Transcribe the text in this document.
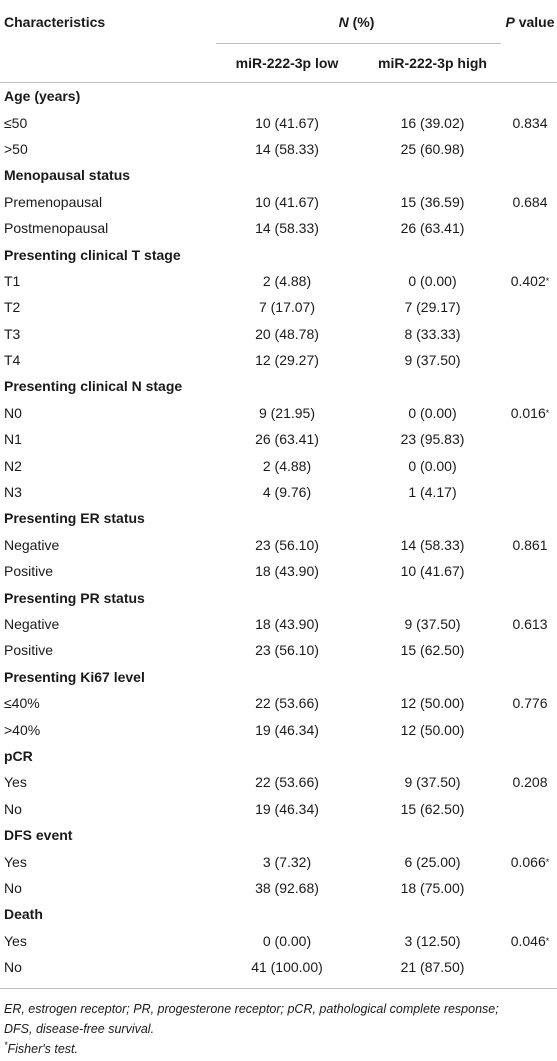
Characteristics	N (%)	P value
miR-222-3p low	miR-222-3p high
Age (years)
≤50	10 (41.67)	16 (39.02)	0.834
>50	14 (58.33)	25 (60.98)
Menopausal status
Premenopausal	10 (41.67)	15 (36.59)	0.684
Postmenopausal	14 (58.33)	26 (63.41)
Presenting clinical T stage
T1	2 (4.88)	0 (0.00)	0.402 *
T2	7 (17.07)	7 (29.17)
T3	20 (48.78)	8 (33.33)
T4	12 (29.27)	9 (37.50)
Presenting clinical N stage
N0	9 (21.95)	0 (0.00)	0.016 *
N1	26 (63.41)	23 (95.83)
N2	2 (4.88)	0 (0.00)
N3	4 (9.76)	1 (4.17)
Presenting ER status
Negative	23 (56.10)	14 (58.33)	0.861
Positive	18 (43.90)	10 (41.67)
Presenting PR status
Negative	18 (43.90)	9 (37.50)	0.613
Positive	23 (56.10)	15 (62.50)
Presenting Ki67 level
≤40%	22 (53.66)	12 (50.00)	0.776
>40%	19 (46.34)	12 (50.00)
pCR
Yes	22 (53.66)	9 (37.50)	0.208
No	19 (46.34)	15 (62.50)
DFS event
Yes	3 (7.32)	6 (25.00)	0.066 *
No	38 (92.68)	18 (75.00)
Death
Yes	0 (0.00)	3 (12.50)	0.046 *
No	41 (100.00)	21 (87.50)
ER, estrogen receptor; PR, progesterone receptor; pCR, pathological complete response;
DFS, disease-free survival.
*Fisher's test.
